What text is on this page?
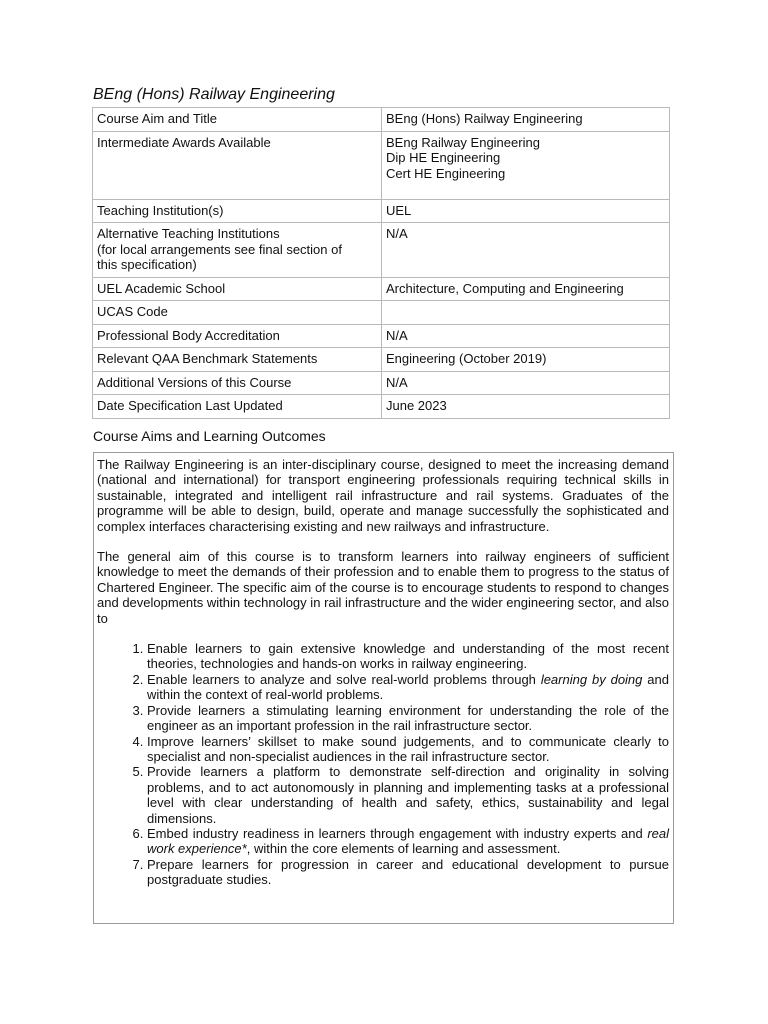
BEng (Hons) Railway Engineering
Course Aim and Title	BEng (Hons) Railway Engineering

Intermediate Awards Available	BEng Railway Engineering
Dip HE Engineering
Cert HE Engineering

Teaching Institution(s)	UEL

Alternative Teaching Institutions
(for local arrangements see final section of
this specification)	N/A

UEL Academic School	Architecture, Computing and Engineering

UCAS Code	

Professional Body Accreditation	N/A

Relevant QAA Benchmark Statements	Engineering (October 2019)

Additional Versions of this Course	N/A

Date Specification Last Updated	June 2023
Course Aims and Learning Outcomes

The Railway Engineering is an inter-disciplinary course, designed to meet the increasing demand (national and international) for transport engineering professionals requiring technical skills in sustainable, integrated and intelligent rail infrastructure and rail systems. Graduates of the programme will be able to design, build, operate and manage successfully the sophisticated and complex interfaces characterising existing and new railways and infrastructure.

The general aim of this course is to transform learners into railway engineers of sufficient knowledge to meet the demands of their profession and to enable them to progress to the status of Chartered Engineer. The specific aim of the course is to encourage students to respond to changes and developments within technology in rail infrastructure and the wider engineering sector, and also to

1. Enable learners to gain extensive knowledge and understanding of the most recent theories, technologies and hands-on works in railway engineering.
2. Enable learners to analyze and solve real-world problems through learning by doing and within the context of real-world problems.
3. Provide learners a stimulating learning environment for understanding the role of the engineer as an important profession in the rail infrastructure sector.
4. Improve learners’ skillset to make sound judgements, and to communicate clearly to specialist and non-specialist audiences in the rail infrastructure sector.
5. Provide learners a platform to demonstrate self-direction and originality in solving problems, and to act autonomously in planning and implementing tasks at a professional level with clear understanding of health and safety, ethics, sustainability and legal dimensions.
6. Embed industry readiness in learners through engagement with industry experts and real work experience*, within the core elements of learning and assessment.
7. Prepare learners for progression in career and educational development to pursue postgraduate studies.
